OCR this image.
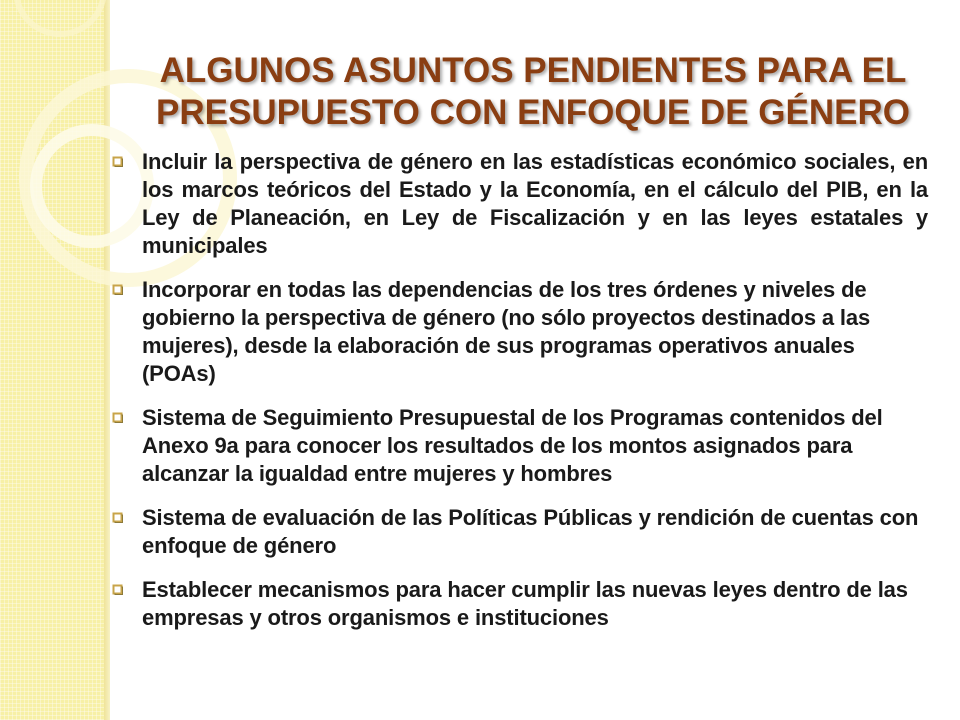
ALGUNOS ASUNTOS PENDIENTES PARA EL PRESUPUESTO CON ENFOQUE DE GÉNERO
Incluir la perspectiva de género en las estadísticas económico sociales, en los marcos teóricos del Estado y la Economía, en el cálculo del PIB, en la Ley de Planeación, en Ley de Fiscalización y en las leyes estatales y municipales
Incorporar en todas las dependencias de los tres órdenes y niveles de gobierno la perspectiva de género (no sólo proyectos destinados a las mujeres), desde la elaboración de sus programas operativos anuales (POAs)
Sistema de Seguimiento Presupuestal de los Programas contenidos del Anexo 9a para conocer los resultados de los montos asignados para alcanzar la igualdad entre mujeres y hombres
Sistema de evaluación de las Políticas Públicas y rendición de cuentas con enfoque de género
Establecer mecanismos para hacer cumplir las nuevas leyes dentro de las empresas y otros organismos e instituciones
